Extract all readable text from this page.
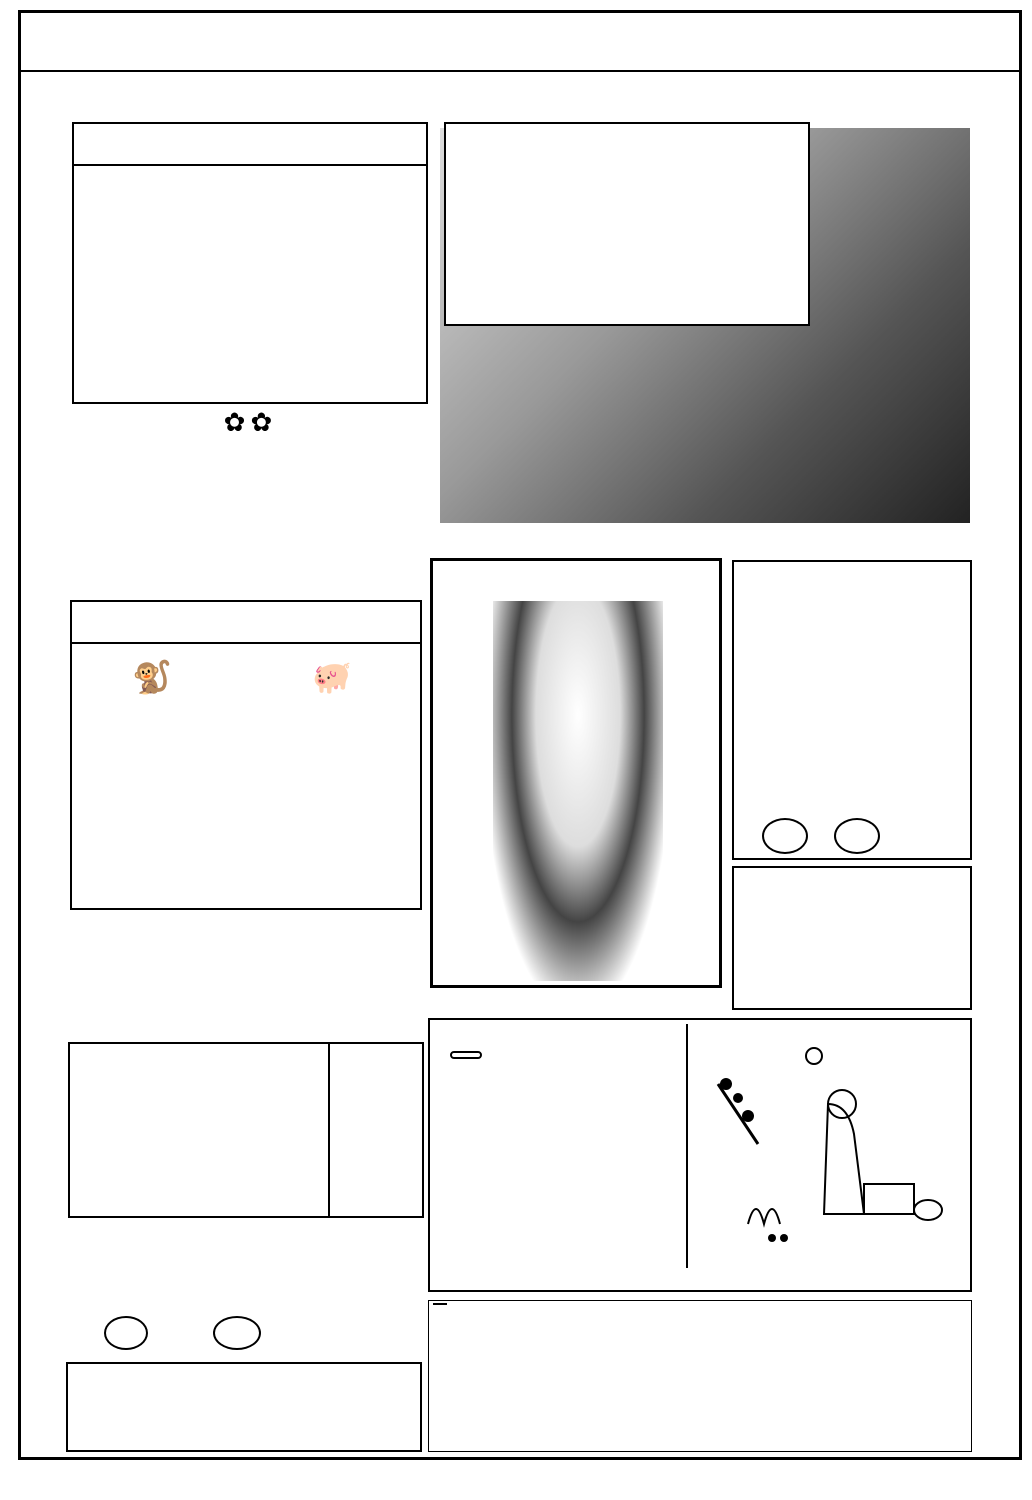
✿ ✿
🐒	🐖
